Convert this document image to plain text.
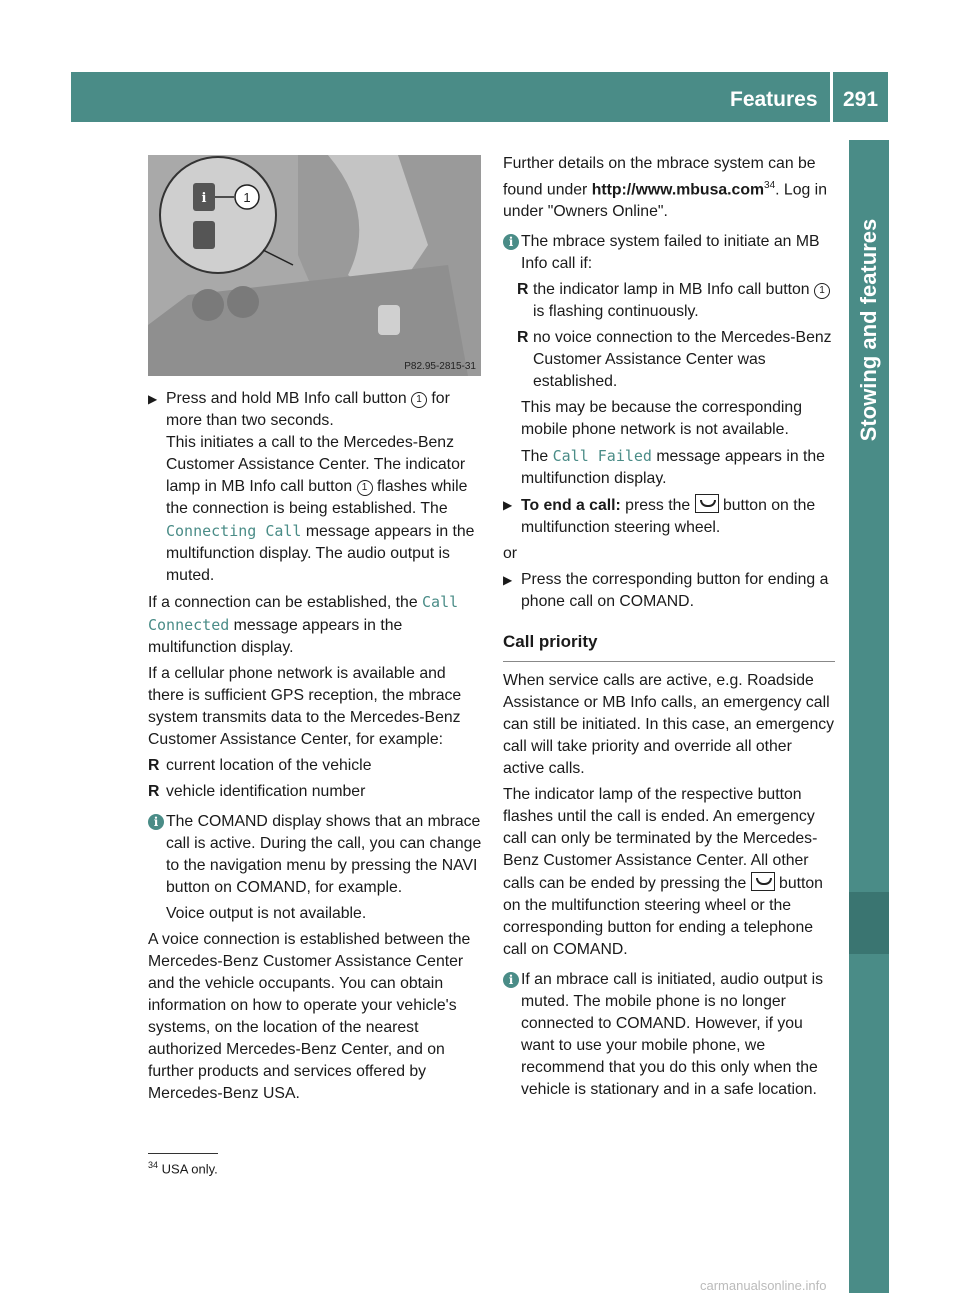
Features 291
Stowing and features
i	1
P82.95-2815-31

▶ Press and hold MB Info call button 1 for more than two seconds.
This initiates a call to the Mercedes-Benz Customer Assistance Center. The indicator lamp in MB Info call button 1 flashes while the connection is being established. The Connecting Call message appears in the multifunction display. The audio output is muted.

If a connection can be established, the Call Connected message appears in the multifunction display.

If a cellular phone network is available and there is sufficient GPS reception, the mbrace system transmits data to the Mercedes-Benz Customer Assistance Center, for example:

R current location of the vehicle

R vehicle identification number

i The COMAND display shows that an mbrace call is active. During the call, you can change to the navigation menu by pressing the NAVI button on COMAND, for example.

Voice output is not available.

A voice connection is established between the Mercedes-Benz Customer Assistance Center and the vehicle occupants. You can obtain information on how to operate your vehicle's systems, on the location of the nearest authorized Mercedes-Benz Center, and on further products and services offered by Mercedes-Benz USA.

Further details on the mbrace system can be found under http://www.mbusa.com$^{34}$. Log in under "Owners Online".

i The mbrace system failed to initiate an MB Info call if:

R the indicator lamp in MB Info call button 1 is flashing continuously.

R no voice connection to the Mercedes-Benz Customer Assistance Center was established.

This may be because the corresponding mobile phone network is not available.

The Call Failed message appears in the multifunction display.

▶ To end a call: press the button on the multifunction steering wheel.

or

▶ Press the corresponding button for ending a phone call on COMAND.

Call priority

When service calls are active, e.g. Roadside Assistance or MB Info calls, an emergency call can still be initiated. In this case, an emergency call will take priority and override all other active calls.

The indicator lamp of the respective button flashes until the call is ended. An emergency call can only be terminated by the Mercedes-Benz Customer Assistance Center. All other calls can be ended by pressing the button on the multifunction steering wheel or the corresponding button for ending a telephone call on COMAND.

i If an mbrace call is initiated, audio output is muted. The mobile phone is no longer connected to COMAND. However, if you want to use your mobile phone, we recommend that you do this only when the vehicle is stationary and in a safe location.

$^{34}$ USA only.
carmanualsonline.info
